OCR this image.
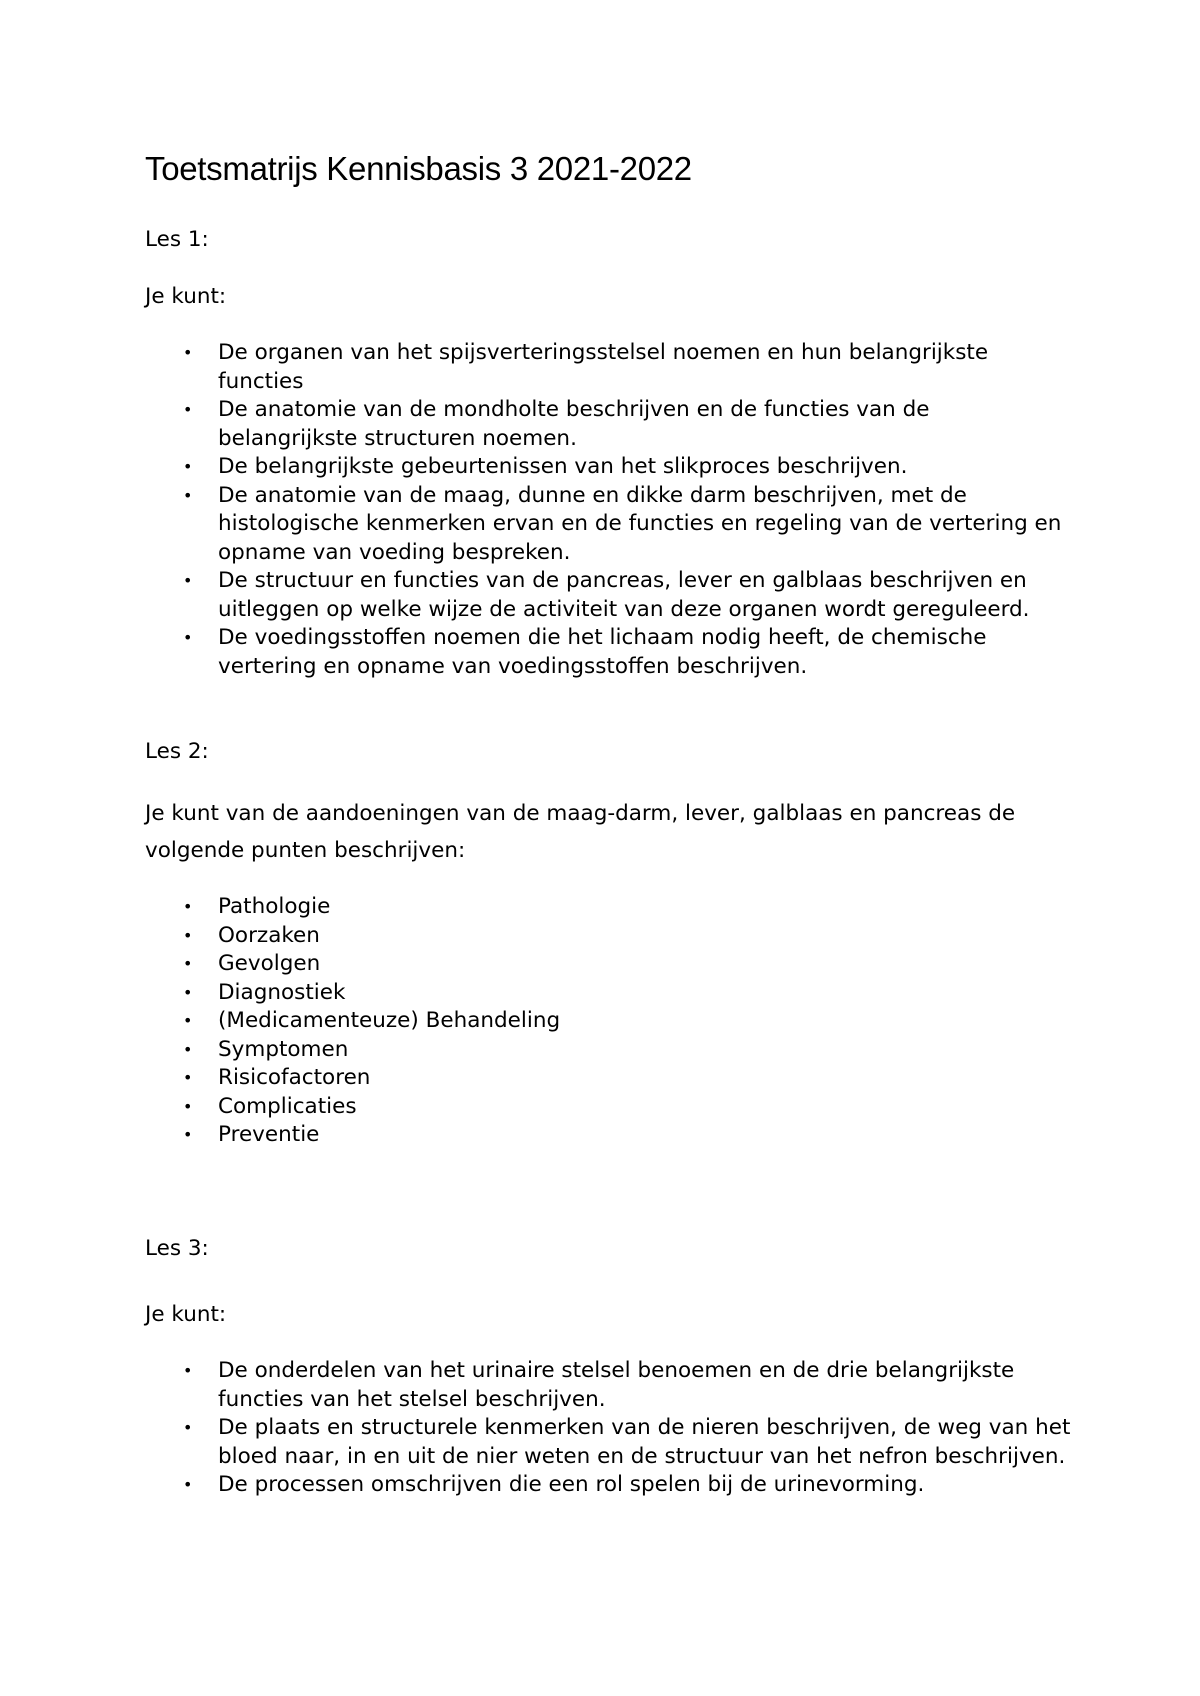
Toetsmatrijs Kennisbasis 3 2021-2022

Les 1:

Je kunt:

• De organen van het spijsverteringsstelsel noemen en hun belangrijkste functies
• De anatomie van de mondholte beschrijven en de functies van de belangrijkste structuren noemen.
• De belangrijkste gebeurtenissen van het slikproces beschrijven.
• De anatomie van de maag, dunne en dikke darm beschrijven, met de histologische kenmerken ervan en de functies en regeling van de vertering en opname van voeding bespreken.
• De structuur en functies van de pancreas, lever en galblaas beschrijven en uitleggen op welke wijze de activiteit van deze organen wordt gereguleerd.
• De voedingsstoffen noemen die het lichaam nodig heeft, de chemische vertering en opname van voedingsstoffen beschrijven.

Les 2:

Je kunt van de aandoeningen van de maag-darm, lever, galblaas en pancreas de volgende punten beschrijven:

• Pathologie
• Oorzaken
• Gevolgen
• Diagnostiek
• (Medicamenteuze) Behandeling
• Symptomen
• Risicofactoren
• Complicaties
• Preventie

Les 3:

Je kunt:

• De onderdelen van het urinaire stelsel benoemen en de drie belangrijkste functies van het stelsel beschrijven.
• De plaats en structurele kenmerken van de nieren beschrijven, de weg van het bloed naar, in en uit de nier weten en de structuur van het nefron beschrijven.
• De processen omschrijven die een rol spelen bij de urinevorming.
